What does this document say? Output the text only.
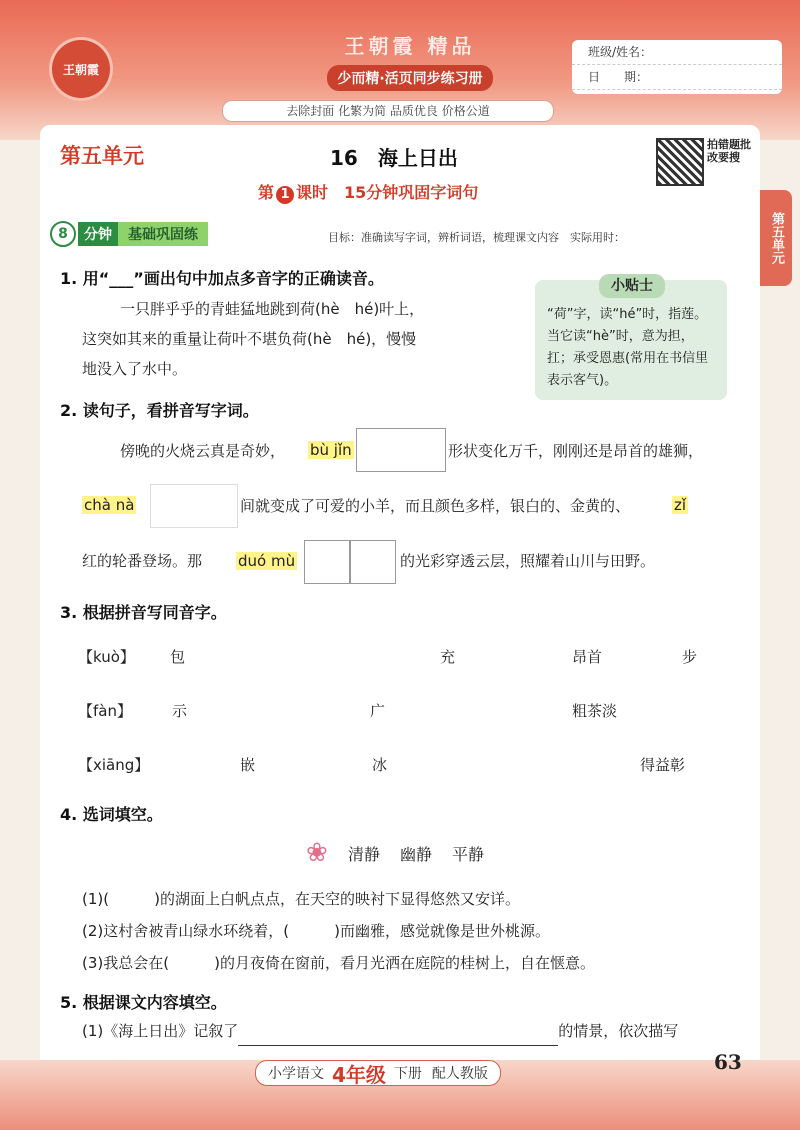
王朝霞
王朝霞 精品
少而精·活页同步练习册
班级/姓名：
日　　期：
去除封面 化繁为简 品质优良 价格公道
第五单元
第五单元	16　海上日出
拍错题批改要搜
第 1 课时　15分钟巩固字词句
8	分钟	基础巩固练	目标：准确读写字词，辨析词语，梳理课文内容　实际用时：
1. 用“___”画出句中加点多音字的正确读音。
一只胖乎乎的青蛙猛地跳到荷(hè　hé)叶上，
这突如其来的重量让荷叶不堪负荷(hè　hé)，慢慢
地没入了水中。
小贴士
“荷”字，读“hé”时，指莲。当它读“hè”时，意为担，扛；承受恩惠(常用在书信里表示客气)。
2. 读句子，看拼音写字词。
傍晚的火烧云真是奇妙， bù jǐn	形状变化万千，刚刚还是昂首的雄狮，
chà nà	间就变成了可爱的小羊，而且颜色多样，银白的、金黄的、	zǐ
红的轮番登场。那 duó mù	的光彩穿透云层，照耀着山川与田野。
3. 根据拼音写同音字。
【kuò】 包	充	昂首	步
【fàn】	示	广	粗茶淡
【xiāng】	嵌	冰	得益彰
4. 选词填空。
❀ 清静 幽静 平静
(1)(　　　)的湖面上白帆点点，在天空的映衬下显得悠然又安详。
(2)这村舍被青山绿水环绕着，(　　　)而幽雅，感觉就像是世外桃源。
(3)我总会在(　　　)的月夜倚在窗前，看月光洒在庭院的桂树上，自在惬意。
5. 根据课文内容填空。
(1)《海上日出》记叙了	的情景，依次描写
小学语文 4年级 下册 配人教版	63
